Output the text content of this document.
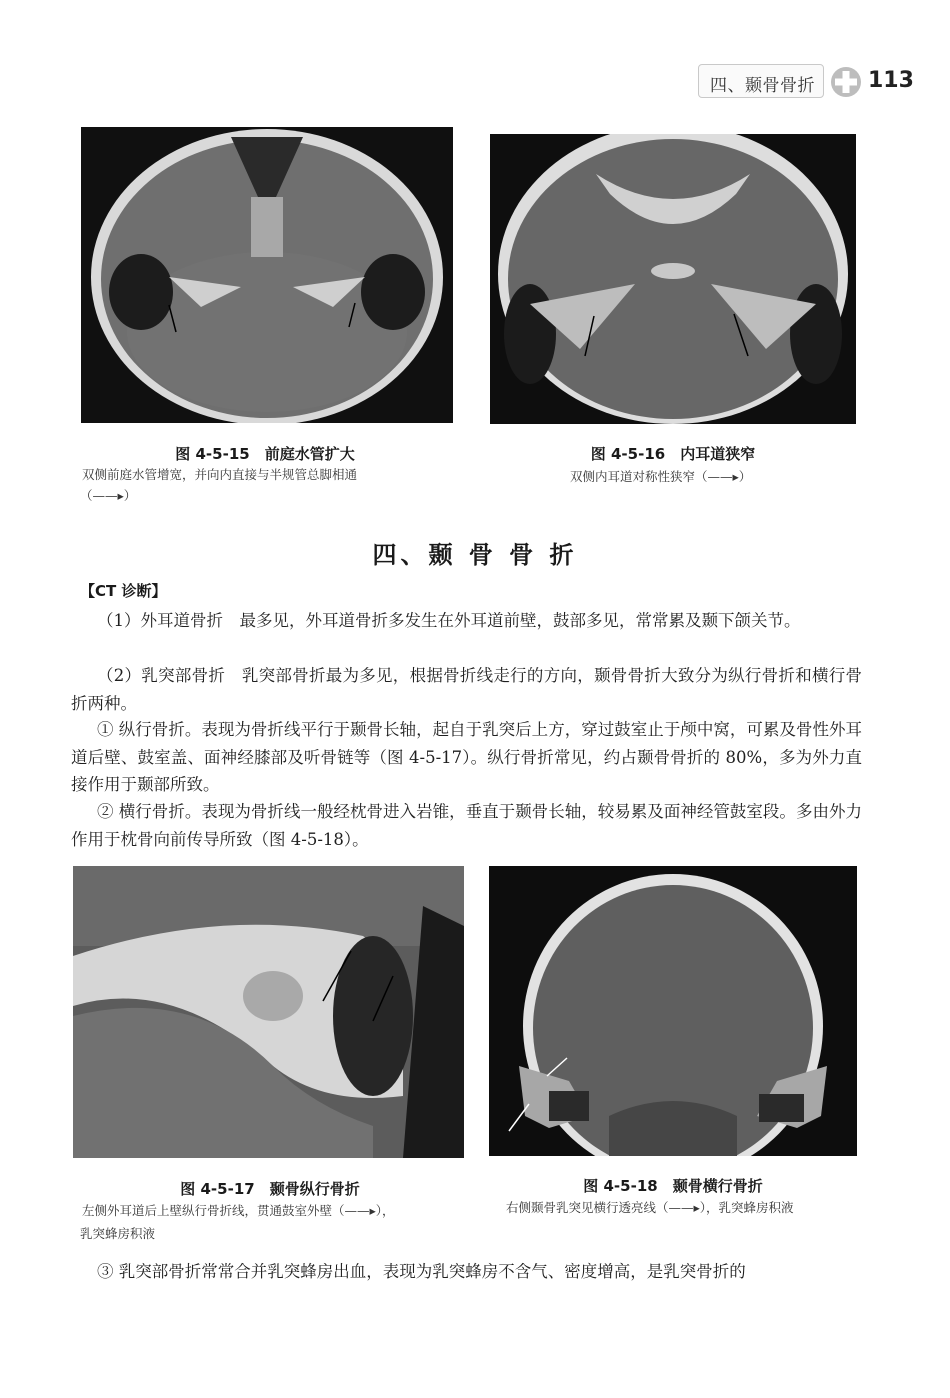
四、颞骨骨折 113
图 4-5-15　 前庭水管扩大
双侧前庭水管增宽，并向内直接与半规管总脚相通
（——▸）
图 4-5-16　 内耳道狭窄
双侧内耳道对称性狭窄（——▸）
四、颞 骨 骨 折
【CT 诊断】
（1）外耳道骨折　最多见，外耳道骨折多发生在外耳道前壁，鼓部多见，常常累及颞下颌关节。
（2）乳突部骨折　乳突部骨折最为多见，根据骨折线走行的方向，颞骨骨折大致分为纵行骨折和横行骨折两种。
① 纵行骨折。表现为骨折线平行于颞骨长轴，起自于乳突后上方，穿过鼓室止于颅中窝，可累及骨性外耳道后壁、鼓室盖、面神经膝部及听骨链等（图 4-5-17）。纵行骨折常见，约占颞骨骨折的 80%，多为外力直接作用于颞部所致。
② 横行骨折。表现为骨折线一般经枕骨进入岩锥，垂直于颞骨长轴，较易累及面神经管鼓室段。多由外力作用于枕骨向前传导所致（图 4-5-18）。
图 4-5-17　 颞骨纵行骨折
左侧外耳道后上壁纵行骨折线，贯通鼓室外壁（——▸），
乳突蜂房积液
图 4-5-18　 颞骨横行骨折
右侧颞骨乳突见横行透亮线（——▸），乳突蜂房积液
③ 乳突部骨折常常合并乳突蜂房出血，表现为乳突蜂房不含气、密度增高，是乳突骨折的
